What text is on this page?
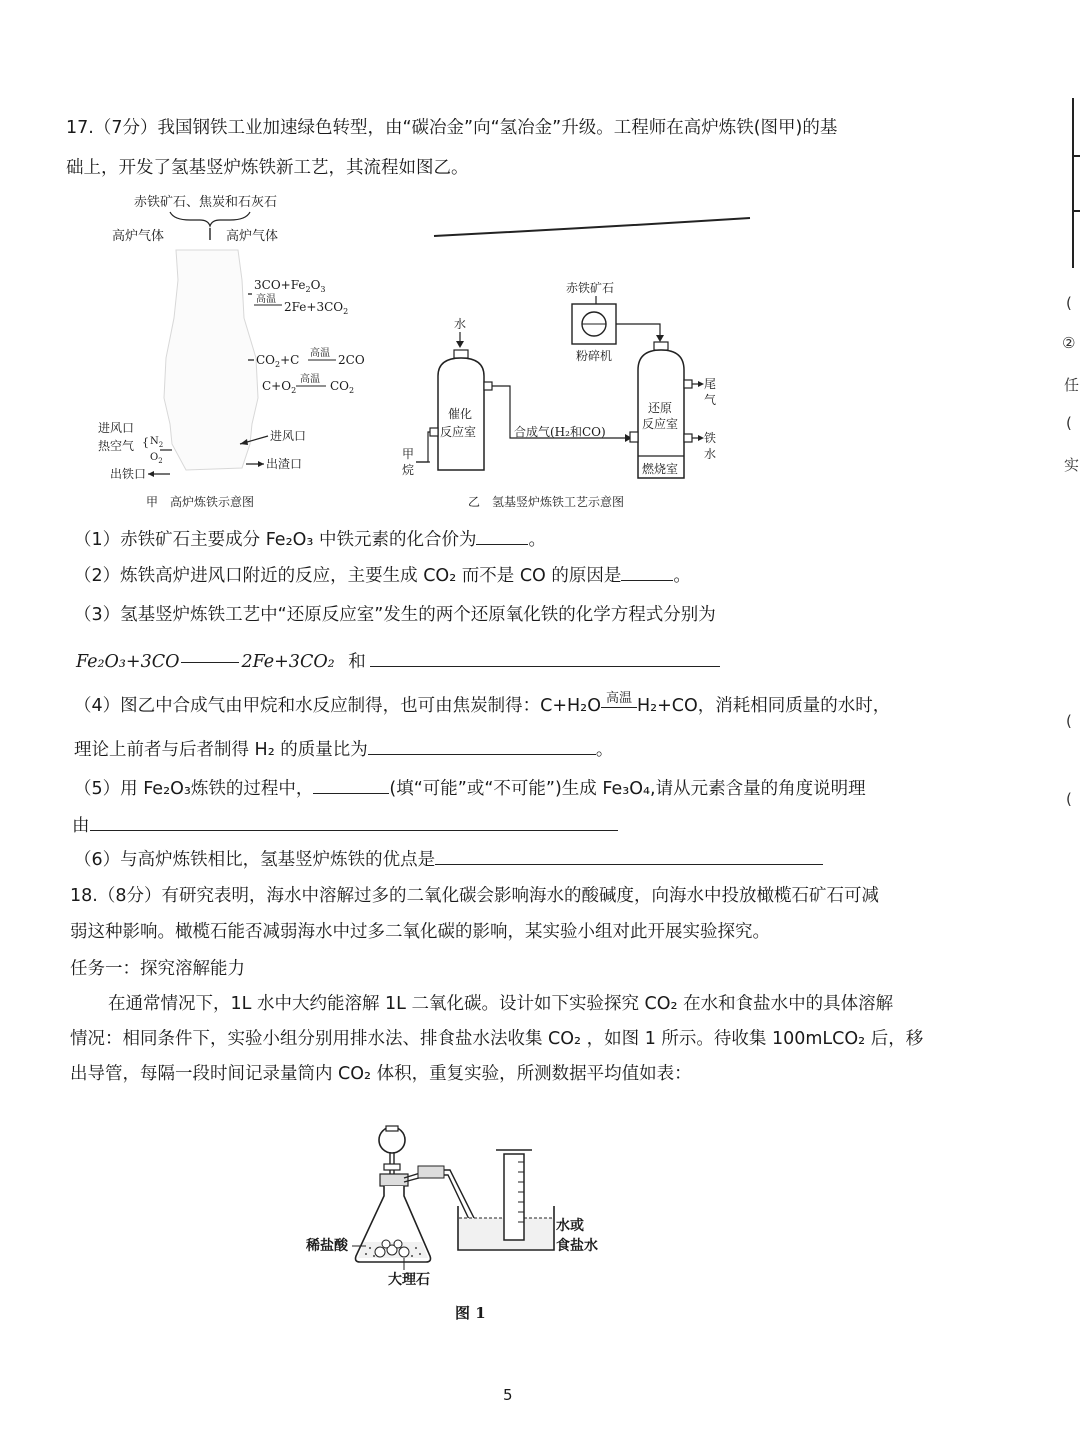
17.（7分）我国钢铁工业加速绿色转型，由“碳冶金”向“氢冶金”升级。工程师在高炉炼铁(图甲)的基
础上，开发了氢基竖炉炼铁新工艺，其流程如图乙。
赤铁矿石、焦炭和石灰石
高炉气体	高炉气体
$3CO+Fe_2O_3$
高温
$2Fe+3CO_2$
$CO_2+C$ 高温 2CO
$C+O_2$
高温 $CO_2$
进风口
热空气 { $N_2$
$O_2$
出铁口
进风口
出渣口
甲　高炉炼铁示意图
赤铁矿石
粉碎机
水
催化
反应室
甲
烷
合成气(H₂和CO)
还原
反应室
燃烧室
尾
气
铁
水
乙　氢基竖炉炼铁工艺示意图
（1）赤铁矿石主要成分 Fe₂O₃ 中铁元素的化合价为	。
（2）炼铁高炉进风口附近的反应，主要生成 CO₂ 而不是 CO 的原因是	。
（3）氢基竖炉炼铁工艺中“还原反应室”发生的两个还原氧化铁的化学方程式分别为
Fe₂O₃+3CO	2Fe+3CO₂ 和
（4）图乙中合成气由甲烷和水反应制得，也可由焦炭制得：C+H₂O 高温 H₂+CO，消耗相同质量的水时，
理论上前者与后者制得 H₂ 的质量比为	。
（5）用 Fe₂O₃炼铁的过程中，	(填“可能”或“不可能”)生成 Fe₃O₄,请从元素含量的角度说明理
由
（6）与高炉炼铁相比，氢基竖炉炼铁的优点是
18.（8分）有研究表明，海水中溶解过多的二氧化碳会影响海水的酸碱度，向海水中投放橄榄石矿石可减
弱这种影响。橄榄石能否减弱海水中过多二氧化碳的影响，某实验小组对此开展实验探究。
任务一：探究溶解能力
在通常情况下，1L 水中大约能溶解 1L 二氧化碳。设计如下实验探究 CO₂ 在水和食盐水中的具体溶解
情况：相同条件下，实验小组分别用排水法、排食盐水法收集 CO₂ ，如图 1 所示。待收集 100mLCO₂ 后，移
出导管，每隔一段时间记录量筒内 CO₂ 体积，重复实验，所测数据平均值如表：
稀盐酸
大理石
水或
食盐水
图 1
5
(
②
任
(
实
(
(
